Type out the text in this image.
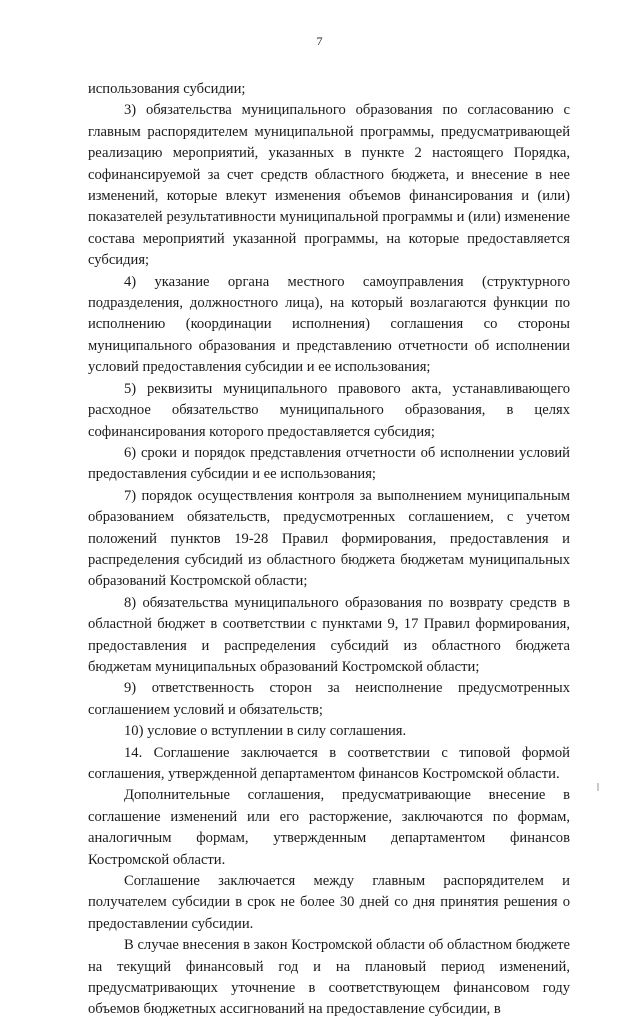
7

использования субсидии;

3) обязательства муниципального образования по согласованию с главным распорядителем муниципальной программы, предусматривающей реализацию мероприятий, указанных в пункте 2 настоящего Порядка, софинансируемой за счет средств областного бюджета, и внесение в нее изменений, которые влекут изменения объемов финансирования и (или) показателей результативности муниципальной программы и (или) изменение состава мероприятий указанной программы, на которые предоставляется субсидия;

4) указание органа местного самоуправления (структурного подразделения, должностного лица), на который возлагаются функции по исполнению (координации исполнения) соглашения со стороны муниципального образования и представлению отчетности об исполнении условий предоставления субсидии и ее использования;

5) реквизиты муниципального правового акта, устанавливающего расходное обязательство муниципального образования, в целях софинансирования которого предоставляется субсидия;

6) сроки и порядок представления отчетности об исполнении условий предоставления субсидии и ее использования;

7) порядок осуществления контроля за выполнением муниципальным образованием обязательств, предусмотренных соглашением, с учетом положений пунктов 19-28 Правил формирования, предоставления и распределения субсидий из областного бюджета бюджетам муниципальных образований Костромской области;

8) обязательства муниципального образования по возврату средств в областной бюджет в соответствии с пунктами 9, 17 Правил формирования, предоставления и распределения субсидий из областного бюджета бюджетам муниципальных образований Костромской области;

9) ответственность сторон за неисполнение предусмотренных соглашением условий и обязательств;

10) условие о вступлении в силу соглашения.

14. Соглашение заключается в соответствии с типовой формой соглашения, утвержденной департаментом финансов Костромской области.

Дополнительные соглашения, предусматривающие внесение в соглашение изменений или его расторжение, заключаются по формам, аналогичным формам, утвержденным департаментом финансов Костромской области.

Соглашение заключается между главным распорядителем и получателем субсидии в срок не более 30 дней со дня принятия решения о предоставлении субсидии.

В случае внесения в закон Костромской области об областном бюджете на текущий финансовый год и на плановый период изменений, предусматривающих уточнение в соответствующем финансовом году объемов бюджетных ассигнований на предоставление субсидии, в
